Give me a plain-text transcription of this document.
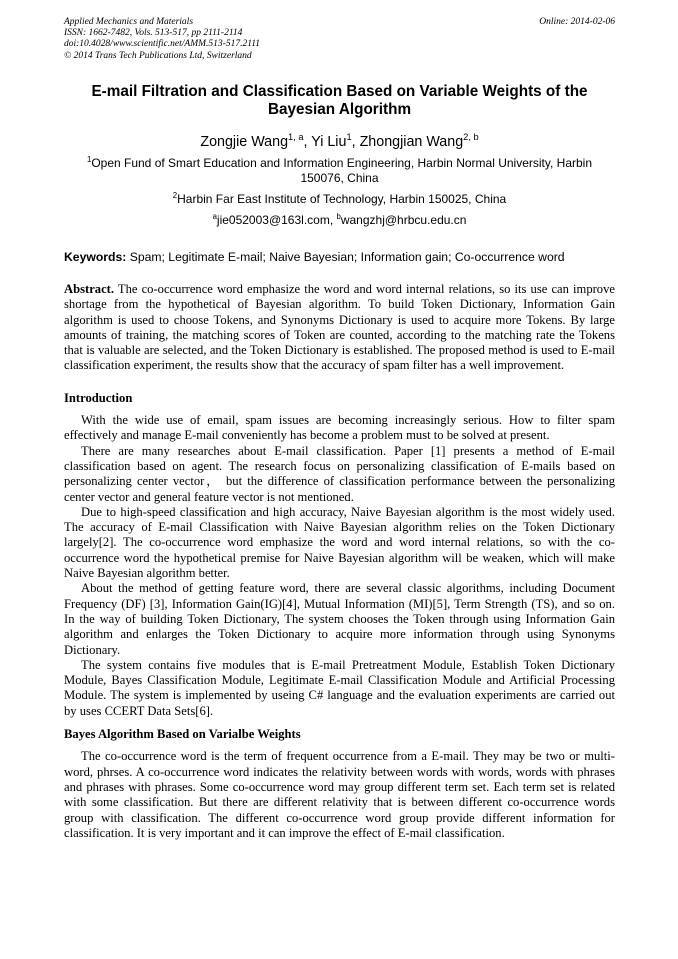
Applied Mechanics and Materials
ISSN: 1662-7482, Vols. 513-517, pp 2111-2114
doi:10.4028/www.scientific.net/AMM.513-517.2111
© 2014 Trans Tech Publications Ltd, Switzerland
Online: 2014-02-06
E-mail Filtration and Classification Based on Variable Weights of the Bayesian Algorithm
Zongjie Wang$^{1, a}$, Yi Liu$^1$, Zhongjian Wang$^{2, b}$
$^1$Open Fund of Smart Education and Information Engineering, Harbin Normal University, Harbin 150076, China
$^2$Harbin Far East Institute of Technology, Harbin 150025, China
$^a$jie052003@163l.com, $^b$wangzhj@hrbcu.edu.cn
Keywords: Spam; Legitimate E-mail; Naive Bayesian; Information gain; Co-occurrence word

Abstract. The co-occurrence word emphasize the word and word internal relations, so its use can improve shortage from the hypothetical of Bayesian algorithm. To build Token Dictionary, Information Gain algorithm is used to choose Tokens, and Synonyms Dictionary is used to acquire more Tokens. By large amounts of training, the matching scores of Token are counted, according to the matching rate the Tokens that is valuable are selected, and the Token Dictionary is established. The proposed method is used to E-mail classification experiment, the results show that the accuracy of spam filter has a well improvement.

Introduction

With the wide use of email, spam issues are becoming increasingly serious. How to filter spam effectively and manage E-mail conveniently has become a problem must to be solved at present.

There are many researches about E-mail classification. Paper [1] presents a method of E-mail classification based on agent. The research focus on personalizing classification of E-mails based on personalizing center vector， but the difference of classification performance between the personalizing center vector and general feature vector is not mentioned.

Due to high-speed classification and high accuracy, Naive Bayesian algorithm is the most widely used. The accuracy of E-mail Classification with Naive Bayesian algorithm relies on the Token Dictionary largely[2]. The co-occurrence word emphasize the word and word internal relations, so with the co-occurrence word the hypothetical premise for Naive Bayesian algorithm will be weaken, which will make Naive Bayesian algorithm better.

About the method of getting feature word, there are several classic algorithms, including Document Frequency (DF) [3], Information Gain(IG)[4], Mutual Information (MI)[5], Term Strength (TS), and so on. In the way of building Token Dictionary, The system chooses the Token through using Information Gain algorithm and enlarges the Token Dictionary to acquire more information through using Synonyms Dictionary.

The system contains five modules that is E-mail Pretreatment Module, Establish Token Dictionary Module, Bayes Classification Module, Legitimate E-mail Classification Module and Artificial Processing Module. The system is implemented by useing C# language and the evaluation experiments are carried out by uses CCERT Data Sets[6].

Bayes Algorithm Based on Varialbe Weights

The co-occurrence word is the term of frequent occurrence from a E-mail. They may be two or multi-word, phrses. A co-occurrence word indicates the relativity between words with words, words with phrases and phrases with phrases. Some co-occurrence word may group different term set. Each term set is related with some classification. But there are different relativity that is between different co-occurrence words group with classification. The different co-occurrence word group provide different information for classification. It is very important and it can improve the effect of E-mail classification.
